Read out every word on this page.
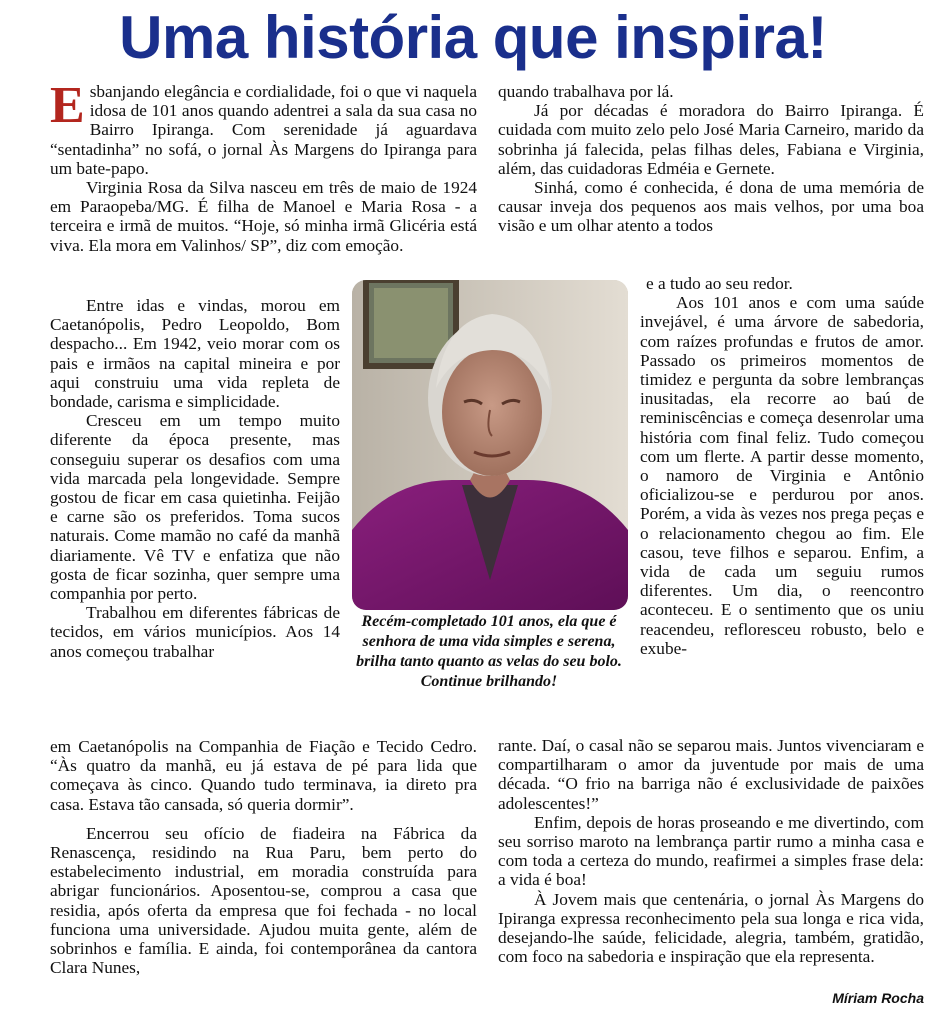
Uma história que inspira!

Esbanjando elegância e cordialidade, foi o que vi naquela idosa de 101 anos quando adentrei a sala da sua casa no Bairro Ipiranga. Com serenidade já aguardava “sentadinha” no sofá, o jornal Às Margens do Ipiranga para um bate-papo.

Virginia Rosa da Silva nasceu em três de maio de 1924 em Paraopeba/MG. É filha de Manoel e Maria Rosa - a terceira e irmã de muitos. “Hoje, só minha irmã Glicéria está viva. Ela mora em Valinhos/ SP”, diz com emoção.

Entre idas e vindas, morou em Caetanópolis, Pedro Leopoldo, Bom despacho... Em 1942, veio morar com os pais e irmãos na capital mineira e por aqui construiu uma vida repleta de bondade, carisma e simplicidade.

Cresceu em um tempo muito diferente da época presente, mas conseguiu superar os desafios com uma vida marcada pela longevidade. Sempre gostou de ficar em casa quietinha. Feijão e carne são os preferidos. Toma sucos naturais. Come mamão no café da manhã diariamente. Vê TV e enfatiza que não gosta de ficar sozinha, quer sempre uma companhia por perto.

Trabalhou em diferentes fábricas de tecidos, em vários municípios. Aos 14 anos começou trabalhar

em Caetanópolis na Companhia de Fiação e Tecido Cedro. “Às quatro da manhã, eu já estava de pé para lida que começava às cinco. Quando tudo terminava, ia direto pra casa. Estava tão cansada, só queria dormir”.

Encerrou seu ofício de fiadeira na Fábrica da Renascença, residindo na Rua Paru, bem perto do estabelecimento industrial, em moradia construída para abrigar funcionários. Aposentou-se, comprou a casa que residia, após oferta da empresa que foi fechada - no local funciona uma universidade. Ajudou muita gente, além de sobrinhos e família. E ainda, foi contemporânea da cantora Clara Nunes,

quando trabalhava por lá.

Já por décadas é moradora do Bairro Ipiranga. É cuidada com muito zelo pelo José Maria Carneiro, marido da sobrinha já falecida, pelas filhas deles, Fabiana e Virginia, além, das cuidadoras Edméia e Gernete.

Sinhá, como é conhecida, é dona de uma memória de causar inveja dos pequenos aos mais velhos, por uma boa visão e um olhar atento a todos

e a tudo ao seu redor.

Aos 101 anos e com uma saúde invejável, é uma árvore de sabedoria, com raízes profundas e frutos de amor. Passado os primeiros momentos de timidez e pergunta da sobre lembranças inusitadas, ela recorre ao baú de reminiscências e começa desenrolar uma história com final feliz. Tudo começou com um flerte. A partir desse momento, o namoro de Virginia e Antônio oficializou-se e perdurou por anos. Porém, a vida às vezes nos prega peças e o relacionamento chegou ao fim. Ele casou, teve filhos e separou. Enfim, a vida de cada um seguiu rumos diferentes. Um dia, o reencontro aconteceu. E o sentimento que os uniu reacendeu, refloresceu robusto, belo e exube-

rante. Daí, o casal não se separou mais. Juntos vivenciaram e compartilharam o amor da juventude por mais de uma década. “O frio na barriga não é exclusividade de paixões adolescentes!”

Enfim, depois de horas proseando e me divertindo, com seu sorriso maroto na lembrança partir rumo a minha casa e com toda a certeza do mundo, reafirmei a simples frase dela: a vida é boa!

À Jovem mais que centenária, o jornal Às Margens do Ipiranga expressa reconhecimento pela sua longa e rica vida, desejando-lhe saúde, felicidade, alegria, também, gratidão, com foco na sabedoria e inspiração que ela representa.

Recém-completado 101 anos, ela que é senhora de uma vida simples e serena, brilha tanto quanto as velas do seu bolo. Continue brilhando!
Míriam Rocha
